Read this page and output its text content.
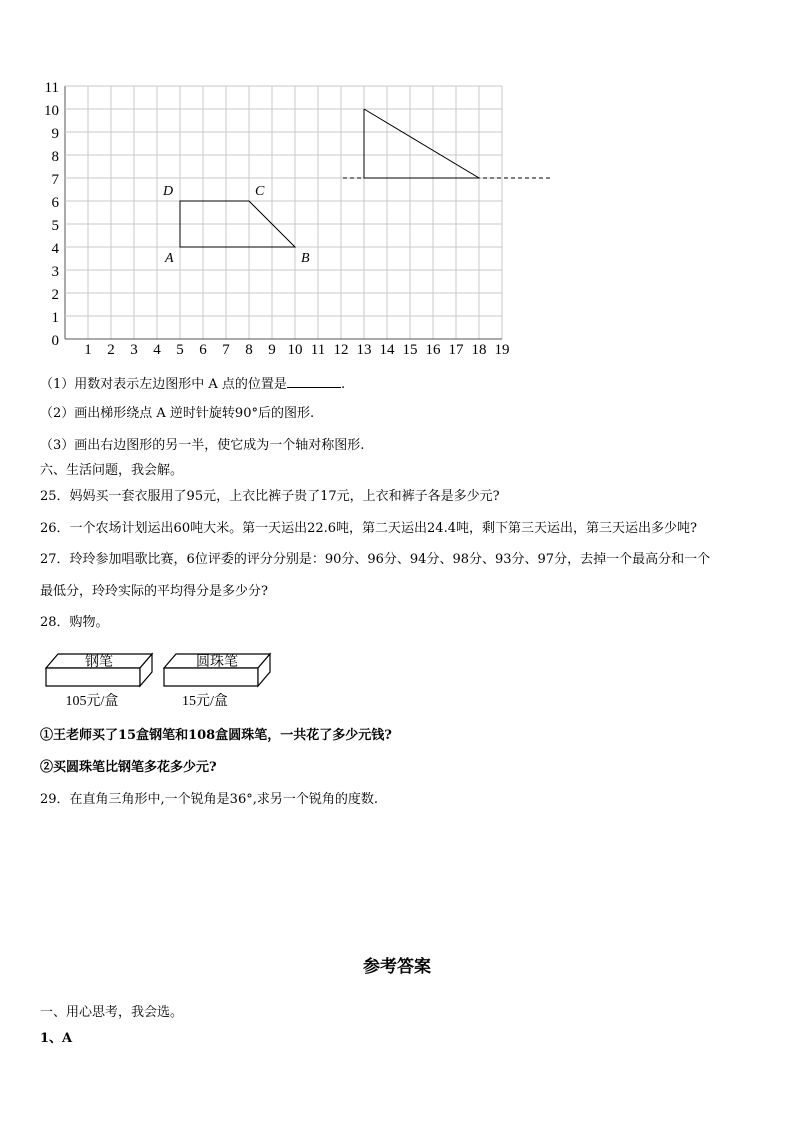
0
1
2
3
4
5
6
7
8
9
10
11
1 2 3 4 5 6 7 8 9 10 11 12 13 14 15 16 17 18 19
A	B
C
D
（1）用数对表示左边图形中 A 点的位置是	.
（2）画出梯形绕点 A 逆时针旋转90°后的图形.
（3）画出右边图形的另一半，使它成为一个轴对称图形.
六、生活问题，我会解。
25．妈妈买一套衣服用了95元，上衣比裤子贵了17元，上衣和裤子各是多少元?
26．一个农场计划运出60吨大米。第一天运出22.6吨，第二天运出24.4吨，剩下第三天运出，第三天运出多少吨?
27．玲玲参加唱歌比赛，6位评委的评分分别是：90分、96分、94分、98分、93分、97分，去掉一个最高分和一个
最低分，玲玲实际的平均得分是多少分?
28．购物。
钢笔
105元/盒
圆珠笔
15元/盒
①王老师买了15盒钢笔和108盒圆珠笔，一共花了多少元钱?
②买圆珠笔比钢笔多花多少元?
29．在直角三角形中,一个锐角是36°,求另一个锐角的度数.
参考答案
一、用心思考，我会选。
1、A
